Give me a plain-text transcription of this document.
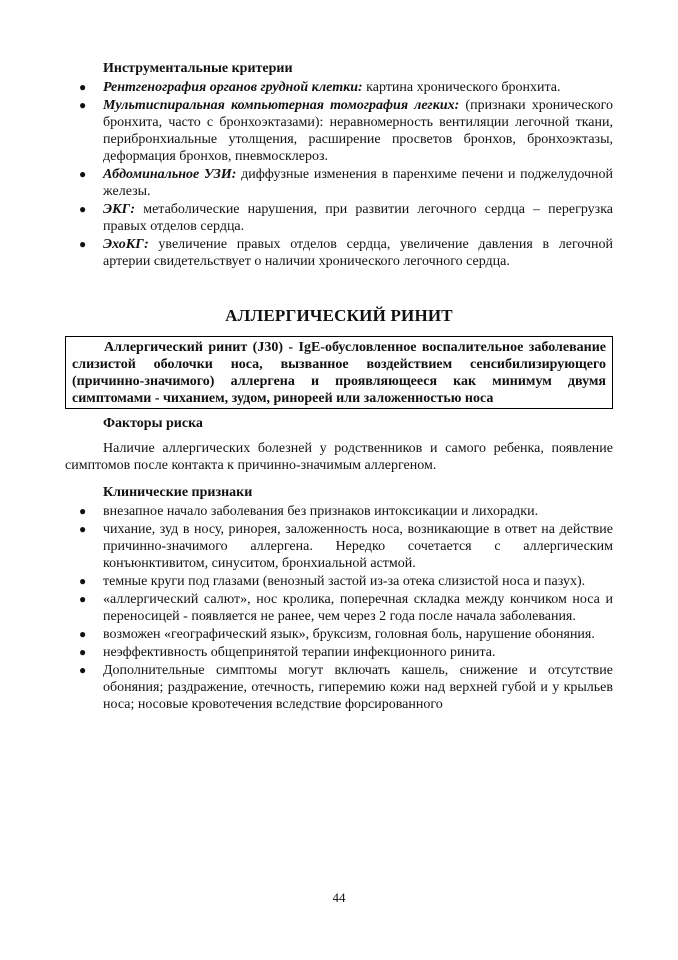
Инструментальные критерии
● Рентгенография органов грудной клетки: картина хронического бронхита.
● Мультиспиральная компьютерная томография легких: (признаки хронического бронхита, часто с бронхоэктазами): неравномерность вентиляции легочной ткани, перибронхиальные утолщения, расширение просветов бронхов, бронхоэктазы, деформация бронхов, пневмосклероз.
● Абдоминальное УЗИ: диффузные изменения в паренхиме печени и поджелудочной железы.
● ЭКГ: метаболические нарушения, при развитии легочного сердца – перегрузка правых отделов сердца.
● ЭхоКГ: увеличение правых отделов сердца, увеличение давления в легочной артерии свидетельствует о наличии хронического легочного сердца.
АЛЛЕРГИЧЕСКИЙ РИНИТ
Аллергический ринит (J30) - IgE-обусловленное воспалительное заболевание слизистой оболочки носа, вызванное воздействием сенсибилизирующего (причинно-значимого) аллергена и проявляющееся как минимум двумя симптомами - чиханием, зудом, ринореей или заложенностью носа
Факторы риска

Наличие аллергических болезней у родственников и самого ребенка, появление симптомов после контакта к причинно-значимым аллергеном.

Клинические признаки
● внезапное начало заболевания без признаков интоксикации и лихорадки.
● чихание, зуд в носу, ринорея, заложенность носа, возникающие в ответ на действие причинно-значимого аллергена. Нередко сочетается с аллергическим конъюнктивитом, синуситом, бронхиальной астмой.
● темные круги под глазами (венозный застой из-за отека слизистой носа и пазух).
● «аллергический салют», нос кролика, поперечная складка между кончиком носа и переносицей - появляется не ранее, чем через 2 года после начала заболевания.
● возможен «географический язык», бруксизм, головная боль, нарушение обоняния.
● неэффективность общепринятой терапии инфекционного ринита.
● Дополнительные симптомы могут включать кашель, снижение и отсутствие обоняния; раздражение, отечность, гиперемию кожи над верхней губой и у крыльев носа; носовые кровотечения вследствие форсированного
44
